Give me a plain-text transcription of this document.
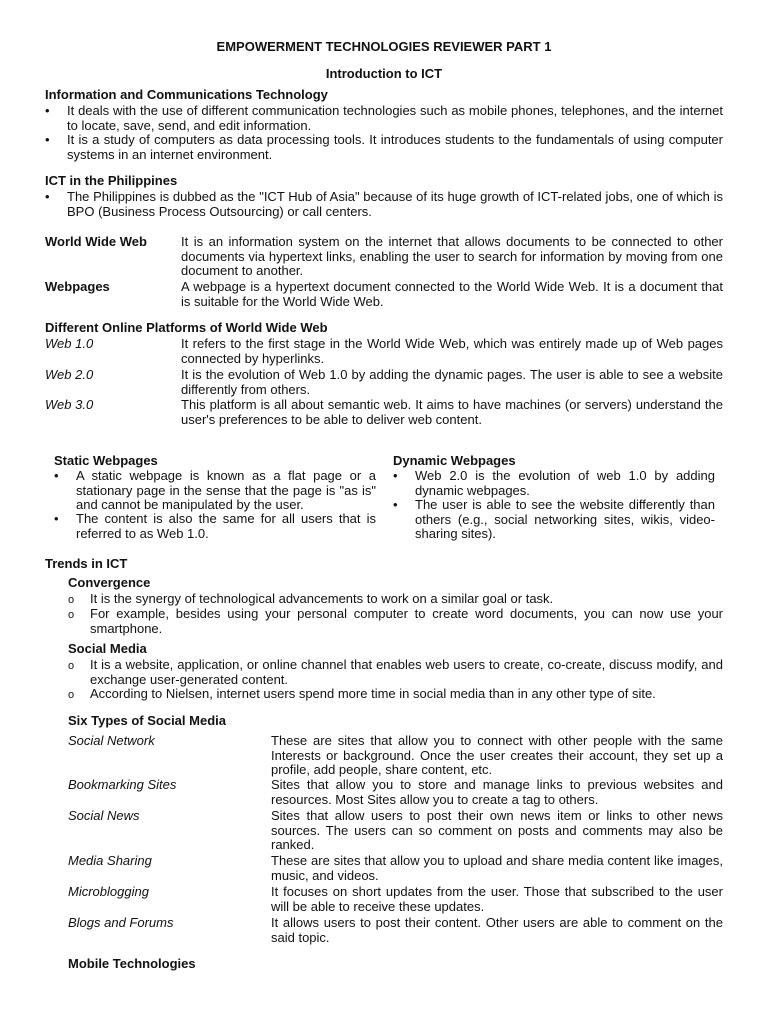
EMPOWERMENT TECHNOLOGIES REVIEWER PART 1
Introduction to ICT
Information and Communications Technology
•
It deals with the use of different communication technologies such as mobile phones, telephones, and the internet to locate, save, send, and edit information.
•
It is a study of computers as data processing tools. It introduces students to the fundamentals of using computer systems in an internet environment.
ICT in the Philippines
•
The Philippines is dubbed as the "ICT Hub of Asia" because of its huge growth of ICT-related jobs, one of which is BPO (Business Process Outsourcing) or call centers.
World Wide Web	It is an information system on the internet that allows documents to be connected to other documents via hypertext links, enabling the user to search for information by moving from one document to another.
Webpages	A webpage is a hypertext document connected to the World Wide Web. It is a document that is suitable for the World Wide Web.
Different Online Platforms of World Wide Web
Web 1.0	It refers to the first stage in the World Wide Web, which was entirely made up of Web pages connected by hyperlinks.
Web 2.0	It is the evolution of Web 1.0 by adding the dynamic pages. The user is able to see a website differently from others.
Web 3.0	This platform is all about semantic web. It aims to have machines (or servers) understand the user's preferences to be able to deliver web content.
Static Webpages
•
A static webpage is known as a flat page or a stationary page in the sense that the page is "as is" and cannot be manipulated by the user.
•
The content is also the same for all users that is referred to as Web 1.0.
Dynamic Webpages
•
Web 2.0 is the evolution of web 1.0 by adding dynamic webpages.
•
The user is able to see the website differently than others (e.g., social networking sites, wikis, video-sharing sites).
Trends in ICT
Convergence
o
It is the synergy of technological advancements to work on a similar goal or task.
o
For example, besides using your personal computer to create word documents, you can now use your smartphone.
Social Media
o
It is a website, application, or online channel that enables web users to create, co-create, discuss modify, and exchange user-generated content.
o
According to Nielsen, internet users spend more time in social media than in any other type of site.
Six Types of Social Media
Social Network	These are sites that allow you to connect with other people with the same Interests or background. Once the user creates their account, they set up a profile, add people, share content, etc.
Bookmarking Sites	Sites that allow you to store and manage links to previous websites and resources. Most Sites allow you to create a tag to others.
Social News	Sites that allow users to post their own news item or links to other news sources. The users can so comment on posts and comments may also be ranked.
Media Sharing	These are sites that allow you to upload and share media content like images, music, and videos.
Microblogging	It focuses on short updates from the user. Those that subscribed to the user will be able to receive these updates.
Blogs and Forums	It allows users to post their content. Other users are able to comment on the said topic.
Mobile Technologies
